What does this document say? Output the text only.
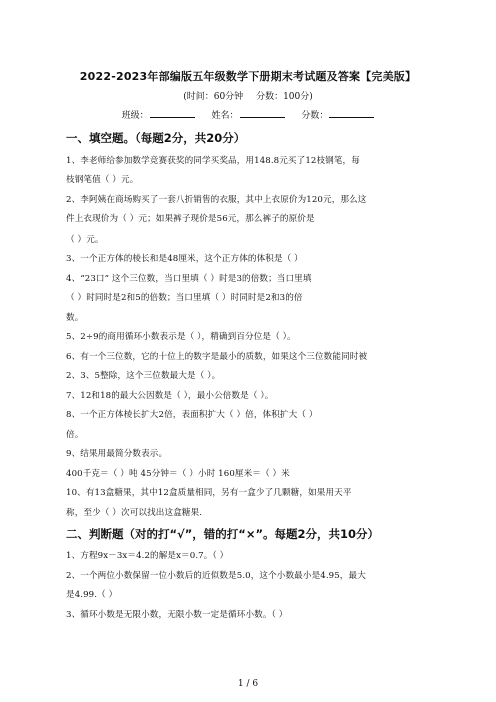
2022-2023年部编版五年级数学下册期末考试题及答案【完美版】
(时间：60分钟 分数：100分)
班级：	姓名：	分数：
一、填空题。（每题2分，共20分）
1、李老师给参加数学竞赛获奖的同学买奖品，用148.8元买了12枝钢笔，每
枝钢笔值（ ）元。
2、李阿姨在商场购买了一套八折销售的衣服，其中上衣原价为120元，那么这
件上衣现价为（ ）元；如果裤子现价是56元，那么裤子的原价是
（ ）元。
3、一个正方体的棱长和是48厘米，这个正方体的体积是（ ）
4、“23口” 这个三位数，当口里填（ ）时是3的倍数；当口里填
（ ）时同时是2和5的倍数；当口里填（ ）时同时是2和3的倍
数。
5、2÷9的商用循环小数表示是（ ），精确到百分位是（ ）。
6、有一个三位数，它的十位上的数字是最小的质数，如果这个三位数能同时被
2、3、5整除，这个三位数最大是（ ）。
7、12和18的最大公因数是（ ），最小公倍数是（ ）。
8、一个正方体棱长扩大2倍，表面积扩大（ ）倍，体积扩大（ ）
倍。
9、结果用最简分数表示。
400千克＝（ ）吨 45分钟＝（ ）小时 160厘米＝（ ）米
10、有13盒糖果，其中12盒质量相同，另有一盒少了几颗糖，如果用天平
称，至少（ ）次可以找出这盒糖果.
二、判断题（对的打“√”，错的打“×”。每题2分，共10分）
1、方程9x－3x＝4.2的解是x＝0.7。（ ）
2、一个两位小数保留一位小数后的近似数是5.0，这个小数最小是4.95，最大
是4.99.（ ）
3、循环小数是无限小数，无限小数一定是循环小数。（ ）
1 / 6
